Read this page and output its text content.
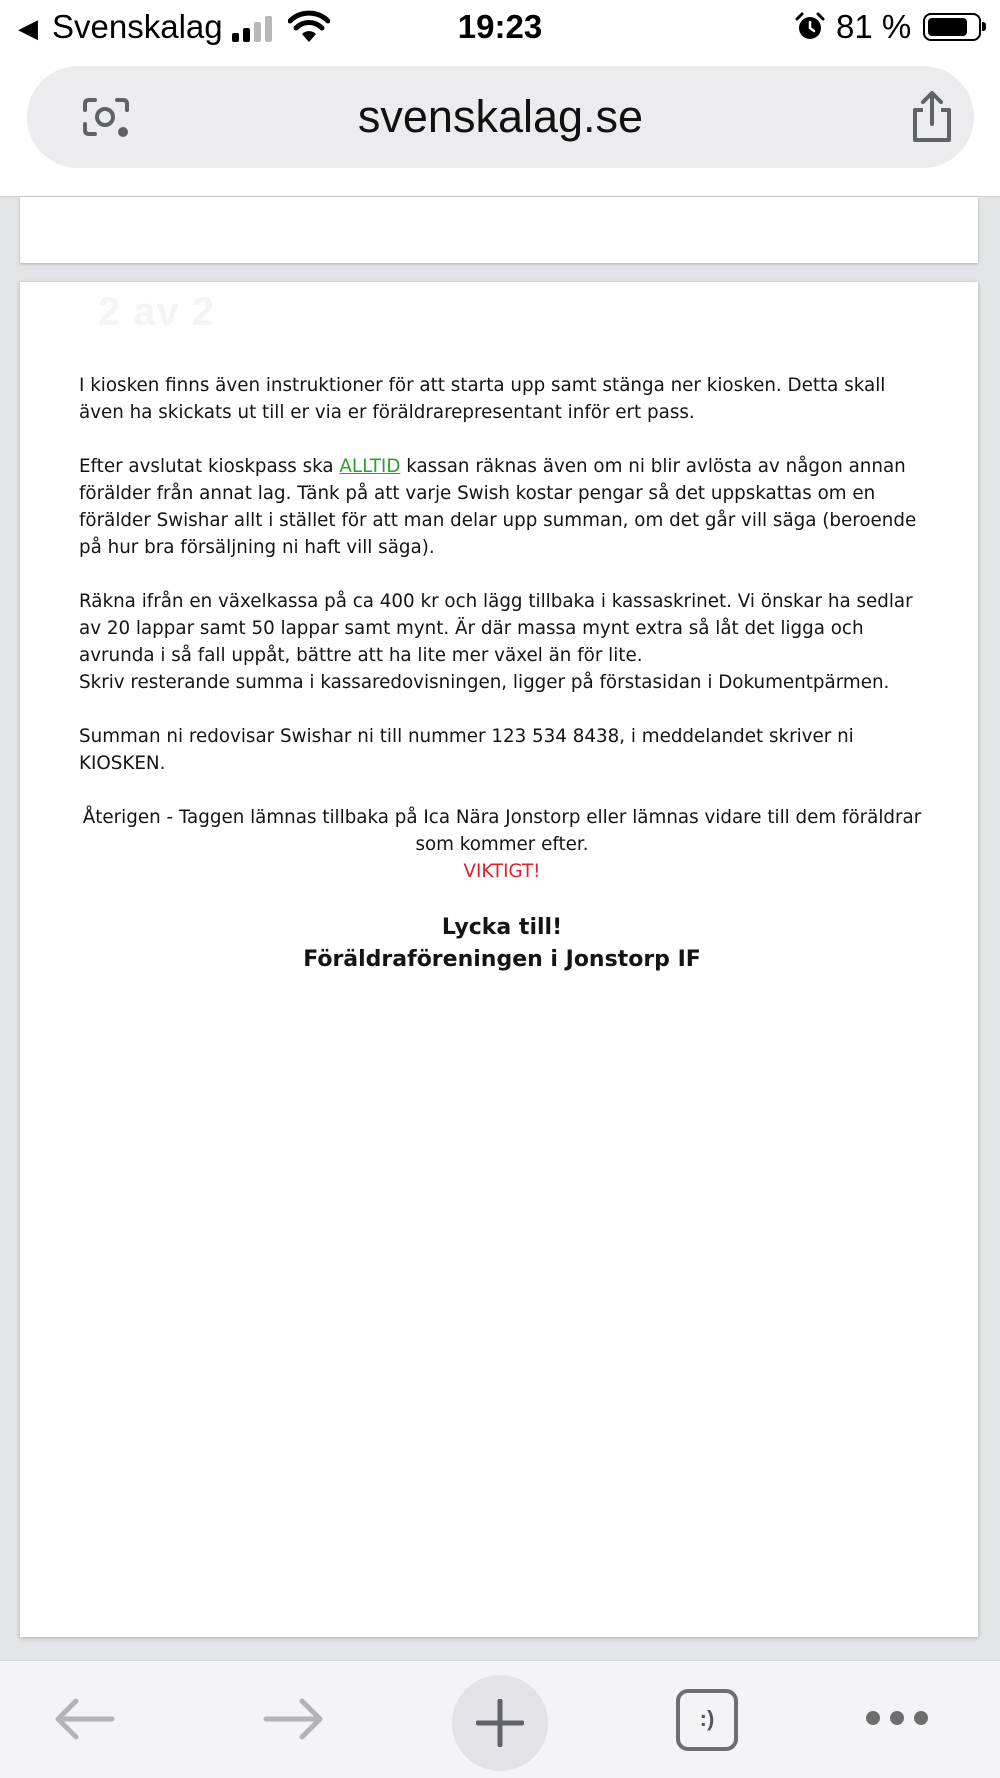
◀ Svenskalag	19:23	81 %
svenskalag.se
2 av 2

I kiosken finns även instruktioner för att starta upp samt stänga ner kiosken. Detta skall även ha skickats ut till er via er föräldrarepresentant inför ert pass.

Efter avslutat kioskpass ska ALLTID kassan räknas även om ni blir avlösta av någon annan förälder från annat lag. Tänk på att varje Swish kostar pengar så det uppskattas om en förälder Swishar allt i stället för att man delar upp summan, om det går vill säga (beroende på hur bra försäljning ni haft vill säga).

Räkna ifrån en växelkassa på ca 400 kr och lägg tillbaka i kassaskrinet. Vi önskar ha sedlar av 20 lappar samt 50 lappar samt mynt. Är där massa mynt extra så låt det ligga och avrunda i så fall uppåt, bättre att ha lite mer växel än för lite.

Skriv resterande summa i kassaredovisningen, ligger på förstasidan i Dokumentpärmen.

Summan ni redovisar Swishar ni till nummer 123 534 8438, i meddelandet skriver ni KIOSKEN.

Återigen - Taggen lämnas tillbaka på Ica Nära Jonstorp eller lämnas vidare till dem föräldrar som kommer efter.

VIKTIGT!

Lycka till!
Föräldraföreningen i Jonstorp IF
:)
